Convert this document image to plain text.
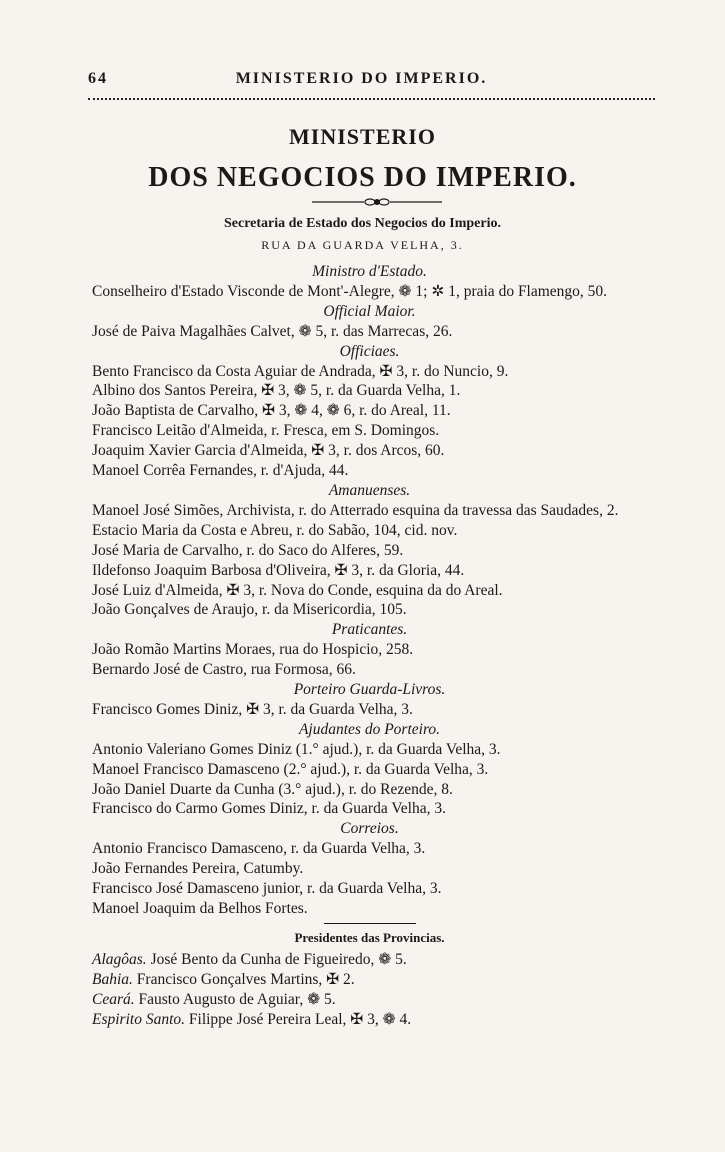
64	MINISTERIO DO IMPERIO.
MINISTERIO
DOS NEGOCIOS DO IMPERIO.
Secretaria de Estado dos Negocios do Imperio.
RUA DA GUARDA VELHA, 3.
Ministro d'Estado.
Conselheiro d'Estado Visconde de Mont'-Alegre, ❁ 1; ✲ 1, praia do Flamengo, 50.
Official Maior.
José de Paiva Magalhães Calvet, ❁ 5, r. das Marrecas, 26.
Officiaes.
Bento Francisco da Costa Aguiar de Andrada, ✠ 3, r. do Nuncio, 9.
Albino dos Santos Pereira, ✠ 3, ❁ 5, r. da Guarda Velha, 1.
João Baptista de Carvalho, ✠ 3, ❁ 4, ❁ 6, r. do Areal, 11.
Francisco Leitão d'Almeida, r. Fresca, em S. Domingos.
Joaquim Xavier Garcia d'Almeida, ✠ 3, r. dos Arcos, 60.
Manoel Corrêa Fernandes, r. d'Ajuda, 44.
Amanuenses.
Manoel José Simões, Archivista, r. do Atterrado esquina da travessa das Saudades, 2.
Estacio Maria da Costa e Abreu, r. do Sabão, 104, cid. nov.
José Maria de Carvalho, r. do Saco do Alferes, 59.
Ildefonso Joaquim Barbosa d'Oliveira, ✠ 3, r. da Gloria, 44.
José Luiz d'Almeida, ✠ 3, r. Nova do Conde, esquina da do Areal.
João Gonçalves de Araujo, r. da Misericordia, 105.
Praticantes.
João Romão Martins Moraes, rua do Hospicio, 258.
Bernardo José de Castro, rua Formosa, 66.
Porteiro Guarda-Livros.
Francisco Gomes Diniz, ✠ 3, r. da Guarda Velha, 3.
Ajudantes do Porteiro.
Antonio Valeriano Gomes Diniz (1.° ajud.), r. da Guarda Velha, 3.
Manoel Francisco Damasceno (2.° ajud.), r. da Guarda Velha, 3.
João Daniel Duarte da Cunha (3.° ajud.), r. do Rezende, 8.
Francisco do Carmo Gomes Diniz, r. da Guarda Velha, 3.
Correios.
Antonio Francisco Damasceno, r. da Guarda Velha, 3.
João Fernandes Pereira, Catumby.
Francisco José Damasceno junior, r. da Guarda Velha, 3.
Manoel Joaquim da Belhos Fortes.
Presidentes das Provincias.
Alagôas. José Bento da Cunha de Figueiredo, ❁ 5.
Bahia. Francisco Gonçalves Martins, ✠ 2.
Ceará. Fausto Augusto de Aguiar, ❁ 5.
Espirito Santo. Filippe José Pereira Leal, ✠ 3, ❁ 4.
